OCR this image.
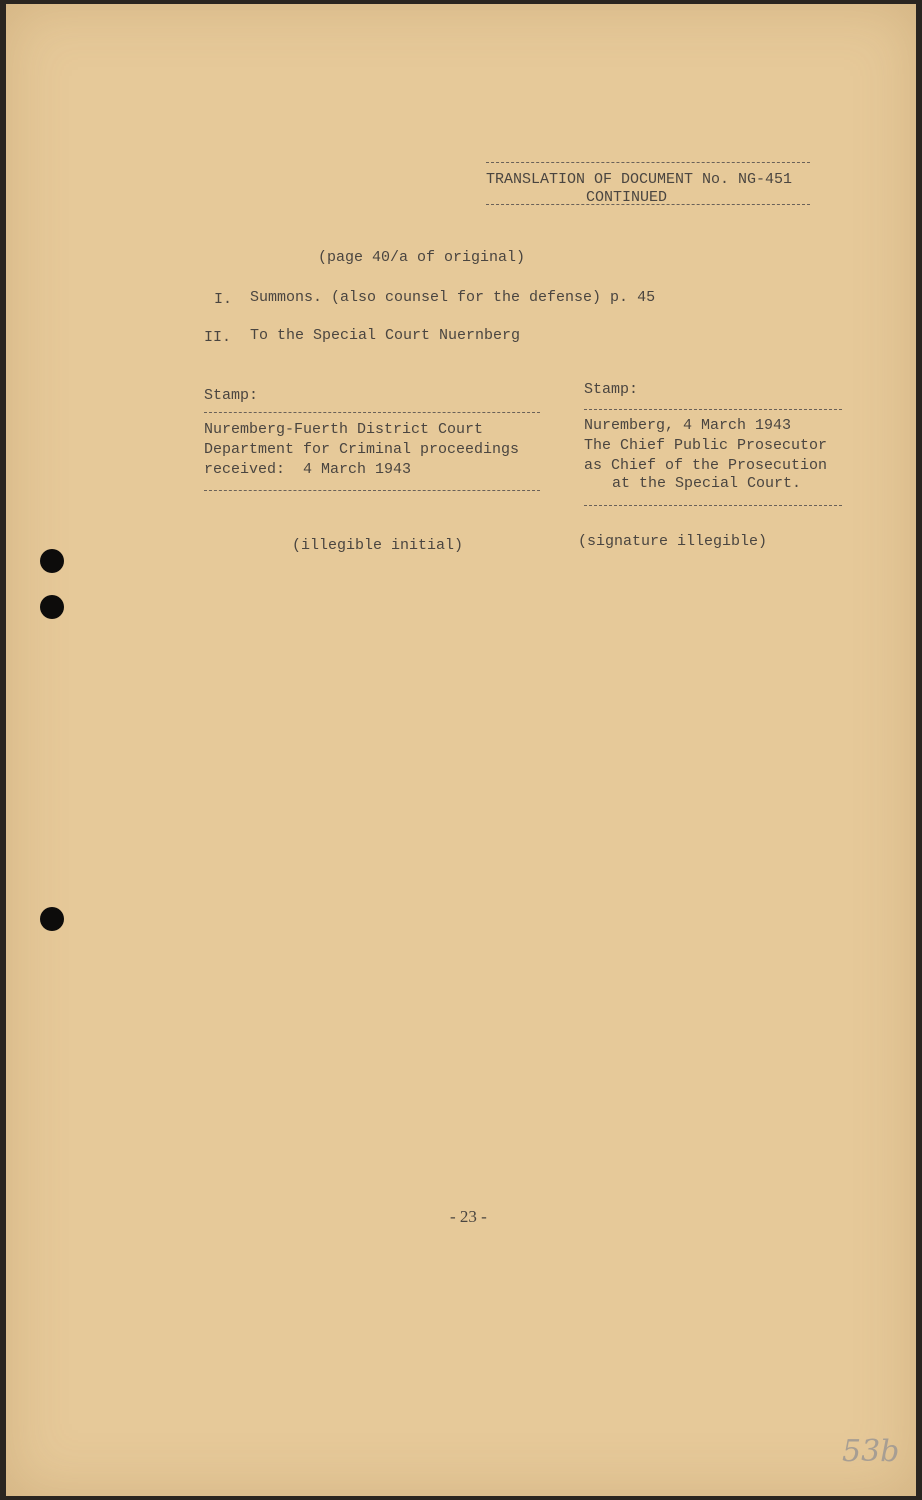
TRANSLATION OF DOCUMENT No. NG-451
CONTINUED
(page 40/a of original)
I. Summons. (also counsel for the defense) p. 45
II. To the Special Court Nuernberg
Stamp:
Nuremberg-Fuerth District Court
Department for Criminal proceedings
received:  4 March 1943
(illegible initial)
Stamp:
Nuremberg, 4 March 1943
The Chief Public Prosecutor
as Chief of the Prosecution
at the Special Court.
(signature illegible)
- 23 -
53b
